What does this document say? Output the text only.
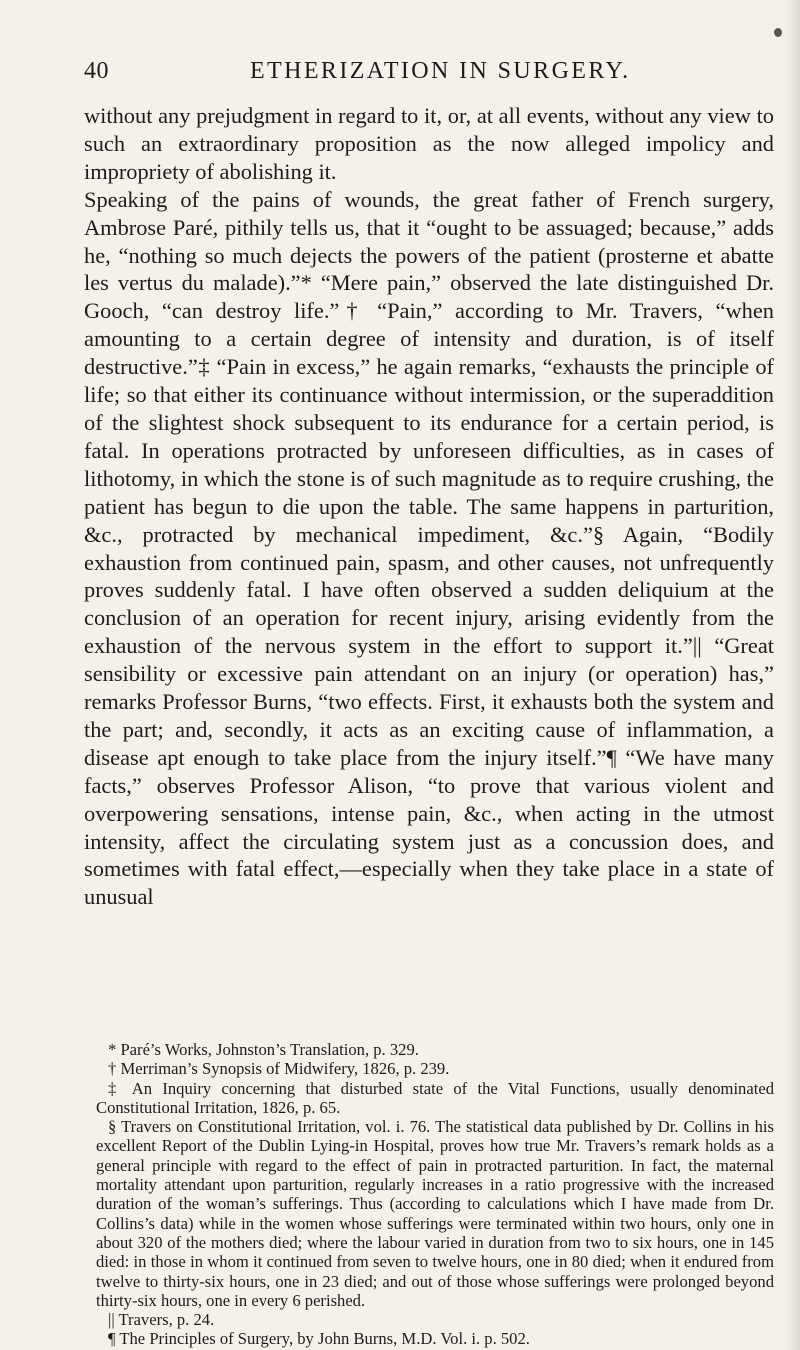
40	ETHERIZATION IN SURGERY.

without any prejudgment in regard to it, or, at all events, without any view to such an extraordinary proposition as the now alleged impolicy and impropriety of abolishing it.

Speaking of the pains of wounds, the great father of French surgery, Ambrose Paré, pithily tells us, that it “ought to be assuaged; because,” adds he, “nothing so much dejects the powers of the patient (prosterne et abatte les vertus du malade).”* “Mere pain,” observed the late distinguished Dr. Gooch, “can destroy life.”† “Pain,” according to Mr. Travers, “when amounting to a certain degree of intensity and duration, is of itself destructive.”‡ “Pain in excess,” he again remarks, “exhausts the principle of life; so that either its continuance without intermission, or the superaddition of the slightest shock subsequent to its endurance for a certain period, is fatal. In operations protracted by unforeseen difficulties, as in cases of lithotomy, in which the stone is of such magnitude as to require crushing, the patient has begun to die upon the table. The same happens in parturition, &c., protracted by mechanical impediment, &c.”§ Again, “Bodily exhaustion from continued pain, spasm, and other causes, not unfrequently proves suddenly fatal. I have often observed a sudden deliquium at the conclusion of an operation for recent injury, arising evidently from the exhaustion of the nervous system in the effort to support it.”|| “Great sensibility or excessive pain attendant on an injury (or operation) has,” remarks Professor Burns, “two effects. First, it exhausts both the system and the part; and, secondly, it acts as an exciting cause of inflammation, a disease apt enough to take place from the injury itself.”¶ “We have many facts,” observes Professor Alison, “to prove that various violent and overpowering sensations, intense pain, &c., when acting in the utmost intensity, affect the circulating system just as a concussion does, and sometimes with fatal effect,—especially when they take place in a state of unusual

* Paré’s Works, Johnston’s Translation, p. 329.

† Merriman’s Synopsis of Midwifery, 1826, p. 239.

‡ An Inquiry concerning that disturbed state of the Vital Functions, usually denominated Constitutional Irritation, 1826, p. 65.

§ Travers on Constitutional Irritation, vol. i. 76. The statistical data published by Dr. Collins in his excellent Report of the Dublin Lying-in Hospital, proves how true Mr. Travers’s remark holds as a general principle with regard to the effect of pain in protracted parturition. In fact, the maternal mortality attendant upon parturition, regularly increases in a ratio progressive with the increased duration of the woman’s sufferings. Thus (according to calculations which I have made from Dr. Collins’s data) while in the women whose sufferings were terminated within two hours, only one in about 320 of the mothers died; where the labour varied in duration from two to six hours, one in 145 died: in those in whom it continued from seven to twelve hours, one in 80 died; when it endured from twelve to thirty-six hours, one in 23 died; and out of those whose sufferings were prolonged beyond thirty-six hours, one in every 6 perished.

|| Travers, p. 24.

¶ The Principles of Surgery, by John Burns, M.D. Vol. i. p. 502.
